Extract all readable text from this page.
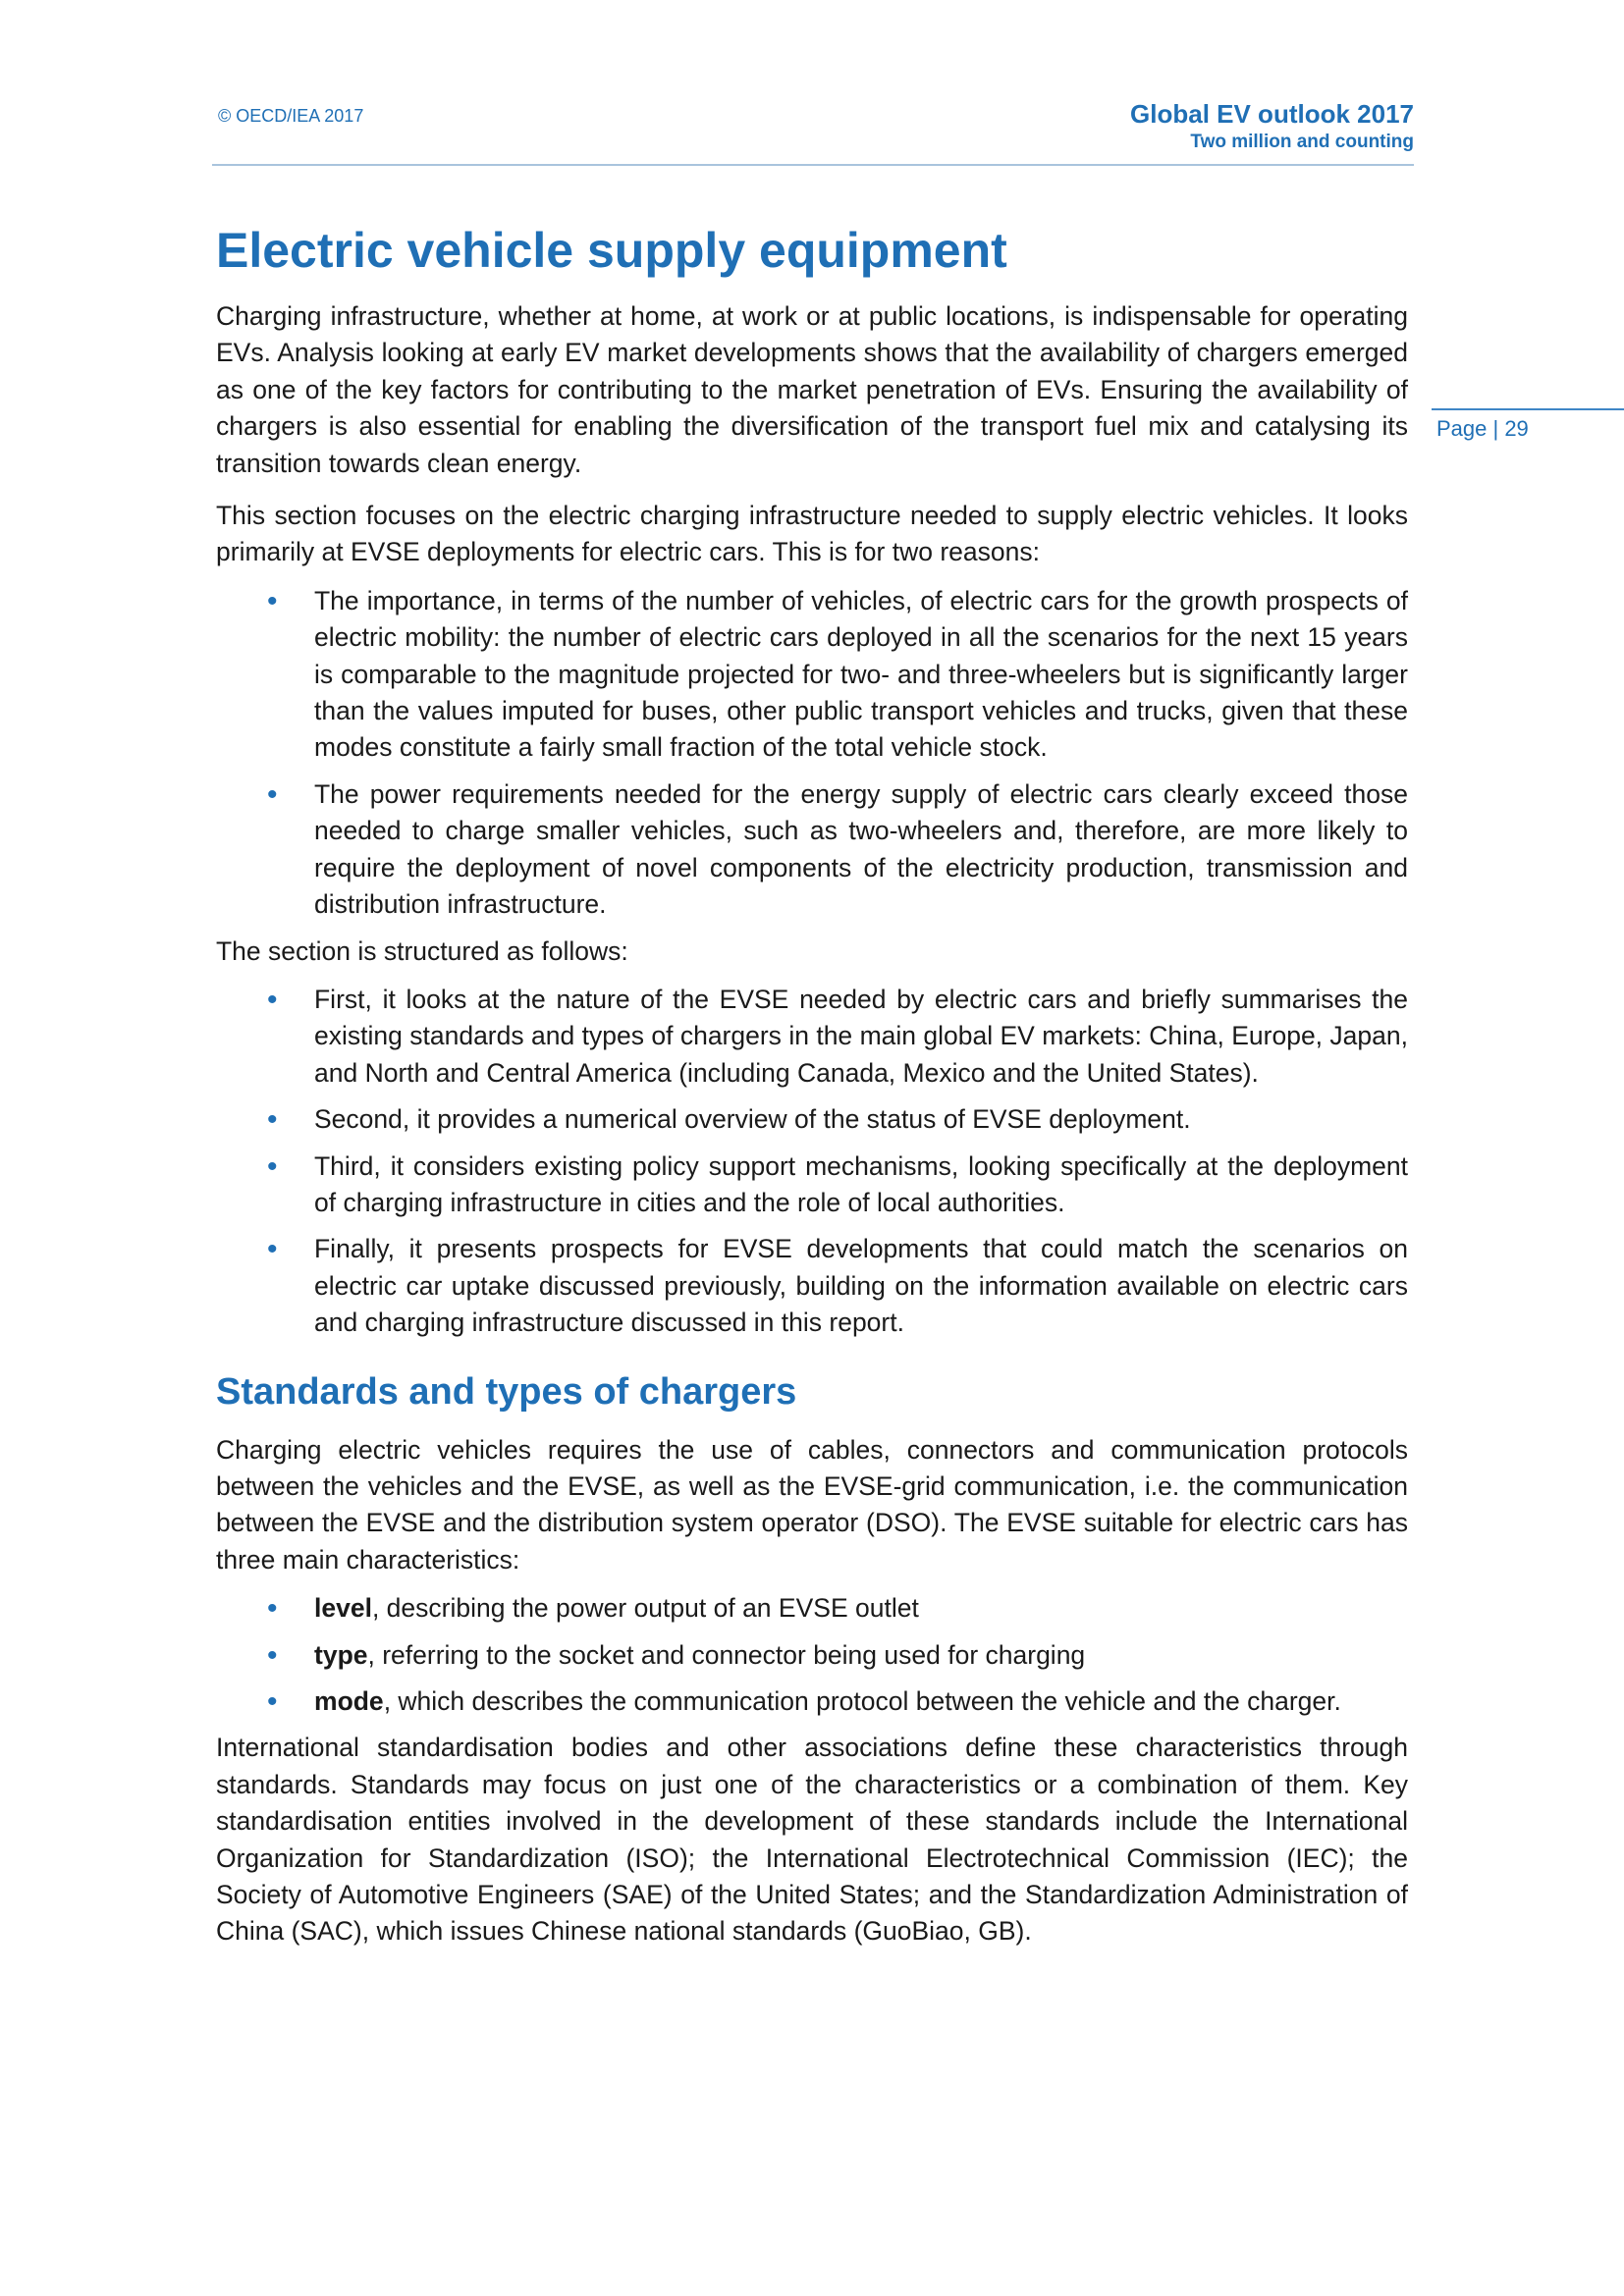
© OECD/IEA 2017	Global EV outlook 2017
Two million and counting
Page | 29
Electric vehicle supply equipment

Charging infrastructure, whether at home, at work or at public locations, is indispensable for operating EVs. Analysis looking at early EV market developments shows that the availability of chargers emerged as one of the key factors for contributing to the market penetration of EVs. Ensuring the availability of chargers is also essential for enabling the diversification of the transport fuel mix and catalysing its transition towards clean energy.

This section focuses on the electric charging infrastructure needed to supply electric vehicles. It looks primarily at EVSE deployments for electric cars. This is for two reasons:

• The importance, in terms of the number of vehicles, of electric cars for the growth prospects of electric mobility: the number of electric cars deployed in all the scenarios for the next 15 years is comparable to the magnitude projected for two- and three-wheelers but is significantly larger than the values imputed for buses, other public transport vehicles and trucks, given that these modes constitute a fairly small fraction of the total vehicle stock.
• The power requirements needed for the energy supply of electric cars clearly exceed those needed to charge smaller vehicles, such as two-wheelers and, therefore, are more likely to require the deployment of novel components of the electricity production, transmission and distribution infrastructure.

The section is structured as follows:

• First, it looks at the nature of the EVSE needed by electric cars and briefly summarises the existing standards and types of chargers in the main global EV markets: China, Europe, Japan, and North and Central America (including Canada, Mexico and the United States).
• Second, it provides a numerical overview of the status of EVSE deployment.
• Third, it considers existing policy support mechanisms, looking specifically at the deployment of charging infrastructure in cities and the role of local authorities.
• Finally, it presents prospects for EVSE developments that could match the scenarios on electric car uptake discussed previously, building on the information available on electric cars and charging infrastructure discussed in this report.
Standards and types of chargers

Charging electric vehicles requires the use of cables, connectors and communication protocols between the vehicles and the EVSE, as well as the EVSE-grid communication, i.e. the communication between the EVSE and the distribution system operator (DSO). The EVSE suitable for electric cars has three main characteristics:

• level, describing the power output of an EVSE outlet
• type, referring to the socket and connector being used for charging
• mode, which describes the communication protocol between the vehicle and the charger.

International standardisation bodies and other associations define these characteristics through standards. Standards may focus on just one of the characteristics or a combination of them. Key standardisation entities involved in the development of these standards include the International Organization for Standardization (ISO); the International Electrotechnical Commission (IEC); the Society of Automotive Engineers (SAE) of the United States; and the Standardization Administration of China (SAC), which issues Chinese national standards (GuoBiao, GB).
